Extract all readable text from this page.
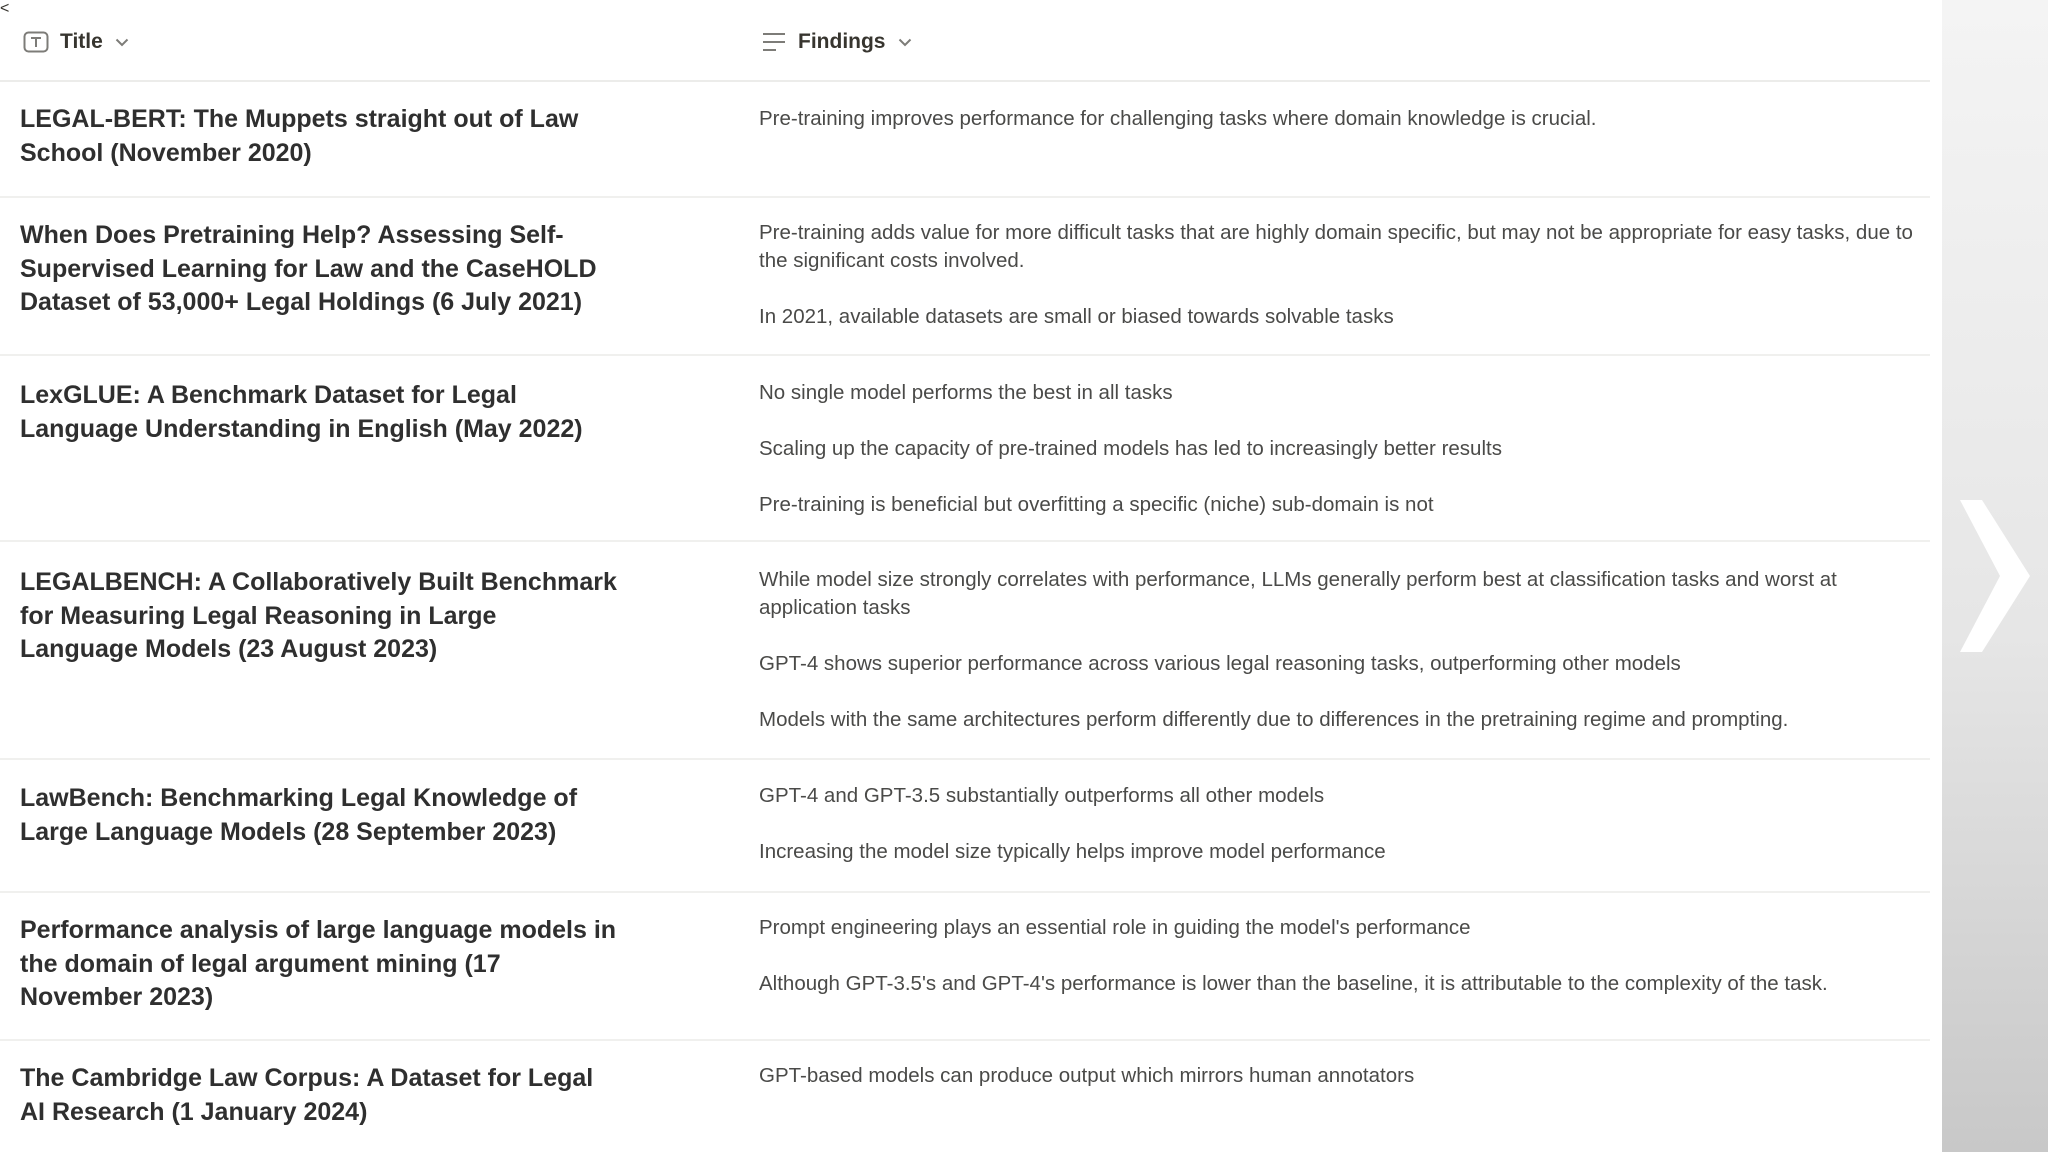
Title	Findings
LEGAL-BERT: The Muppets straight out of Law School (November 2020)

Pre-training improves performance for challenging tasks where domain knowledge is crucial.

When Does Pretraining Help? Assessing Self-Supervised Learning for Law and the CaseHOLD Dataset of 53,000+ Legal Holdings (6 July 2021)

Pre-training adds value for more difficult tasks that are highly domain specific, but may not be appropriate for easy tasks, due to the significant costs involved.

In 2021, available datasets are small or biased towards solvable tasks

LexGLUE: A Benchmark Dataset for Legal Language Understanding in English (May 2022)

No single model performs the best in all tasks

Scaling up the capacity of pre-trained models has led to increasingly better results

Pre-training is beneficial but overfitting a specific (niche) sub-domain is not

LEGALBENCH: A Collaboratively Built Benchmark for Measuring Legal Reasoning in Large Language Models (23 August 2023)

While model size strongly correlates with performance, LLMs generally perform best at classification tasks and worst at application tasks

GPT-4 shows superior performance across various legal reasoning tasks, outperforming other models

Models with the same architectures perform differently due to differences in the pretraining regime and prompting.

<
LawBench: Benchmarking Legal Knowledge of Large Language Models (28 September 2023)

GPT-4 and GPT-3.5 substantially outperforms all other models

Increasing the model size typically helps improve model performance

Performance analysis of large language models in the domain of legal argument mining (17 November 2023)

Prompt engineering plays an essential role in guiding the model's performance

Although GPT-3.5's and GPT-4's performance is lower than the baseline, it is attributable to the complexity of the task.

The Cambridge Law Corpus: A Dataset for Legal AI Research (1 January 2024)

GPT-based models can produce output which mirrors human annotators
